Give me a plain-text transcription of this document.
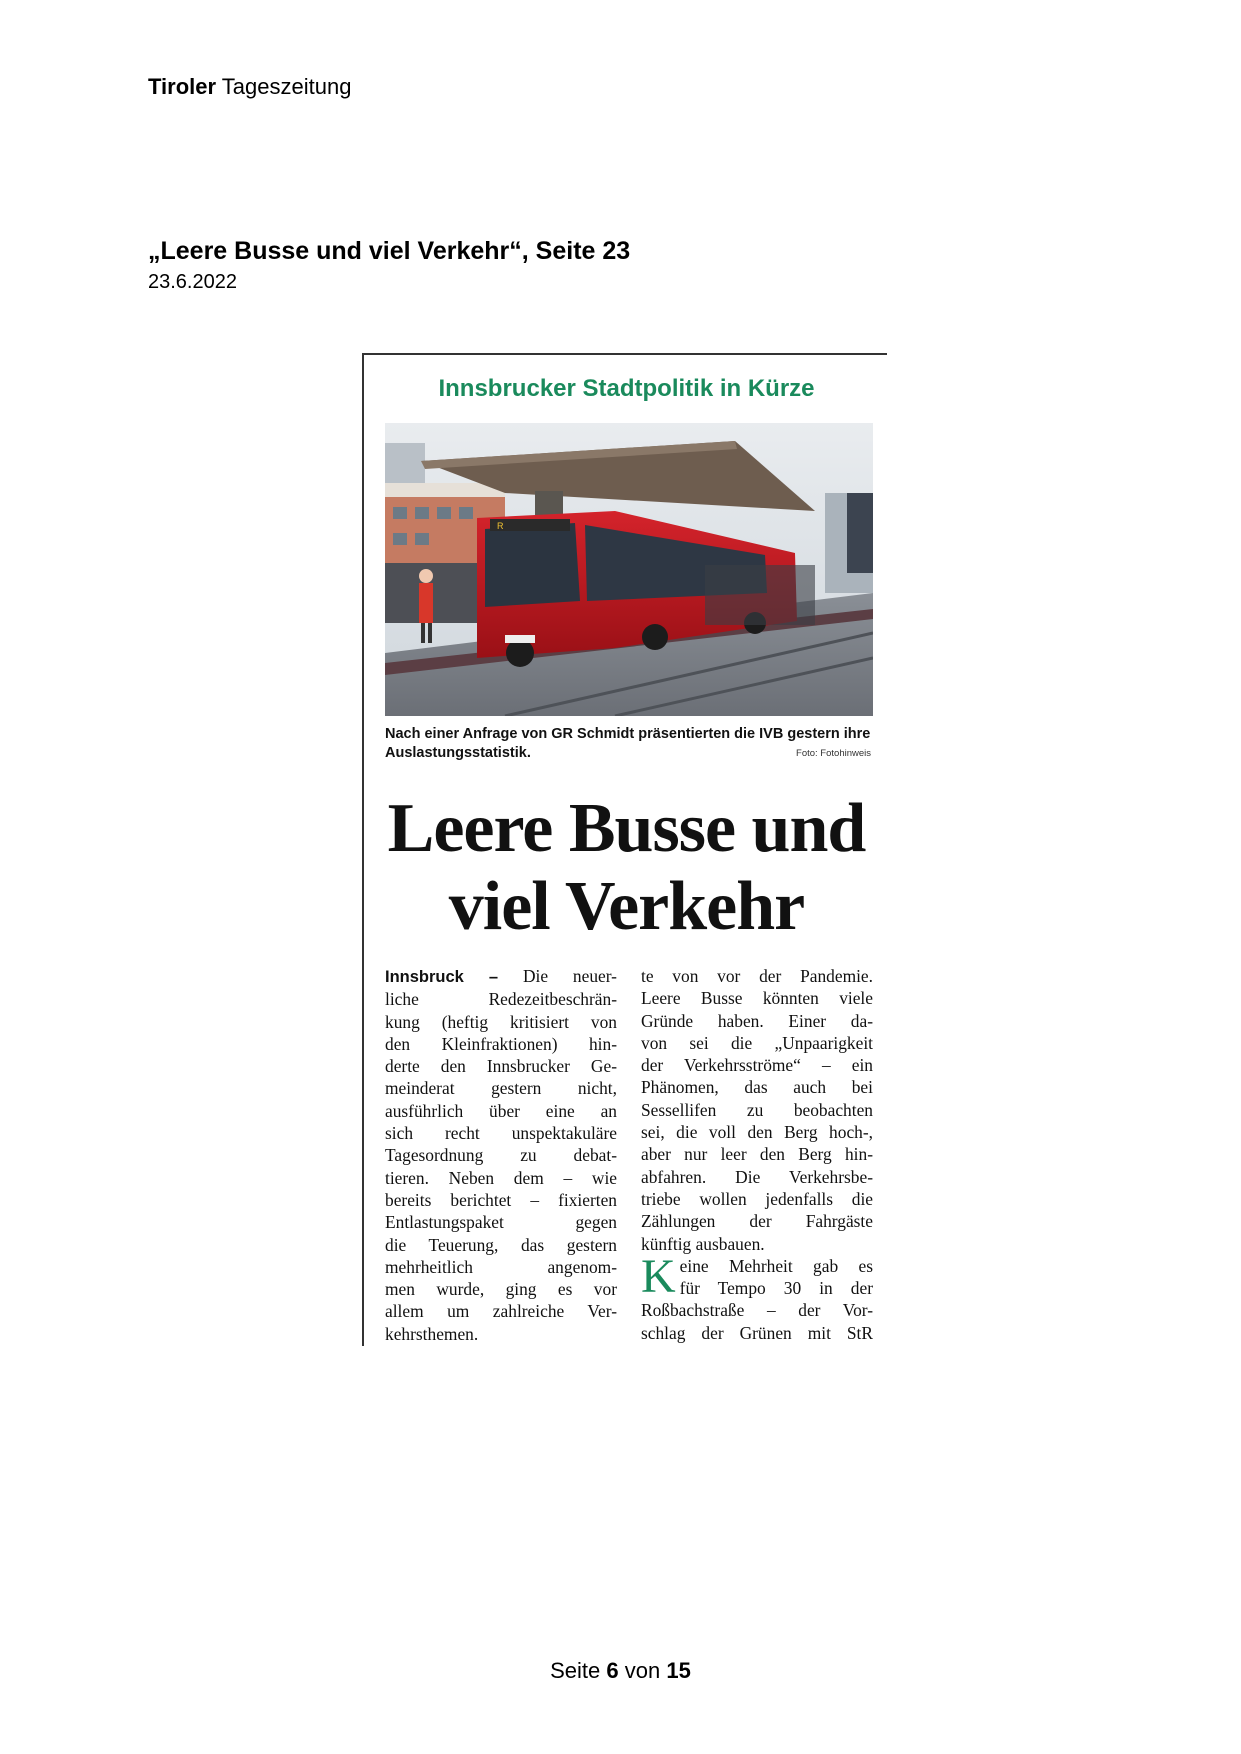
Tiroler Tageszeitung
„Leere Busse und viel Verkehr“, Seite 23
23.6.2022
Innsbrucker Stadtpolitik in Kürze
R
Nach einer Anfrage von GR Schmidt präsentierten die IVB gestern ihre Auslastungsstatistik.	Foto: Fotohinweis
Leere Busse und
viel Verkehr
Innsbruck – Die neuer-
liche Redezeitbeschrän-
kung (heftig kritisiert von
den Kleinfraktionen) hin-
derte den Innsbrucker Ge-
meinderat gestern nicht,
ausführlich über eine an
sich recht unspektakuläre
Tagesordnung zu debat-
tieren. Neben dem – wie
bereits berichtet – fixierten
Entlastungspaket gegen
die Teuerung, das gestern
mehrheitlich angenom-
men wurde, ging es vor
allem um zahlreiche Ver-
kehrsthemen.
te von vor der Pandemie.
Leere Busse könnten viele
Gründe haben. Einer da-
von sei die „Unpaarigkeit
der Verkehrsströme“ – ein
Phänomen, das auch bei
Sessellifen zu beobachten
sei, die voll den Berg hoch-,
aber nur leer den Berg hin-
abfahren. Die Verkehrsbe-
triebe wollen jedenfalls die
Zählungen der Fahrgäste
künftig ausbauen.
K eine Mehrheit gab es
für Tempo 30 in der
Roßbachstraße – der Vor-
schlag der Grünen mit StR
Seite 6 von 15
